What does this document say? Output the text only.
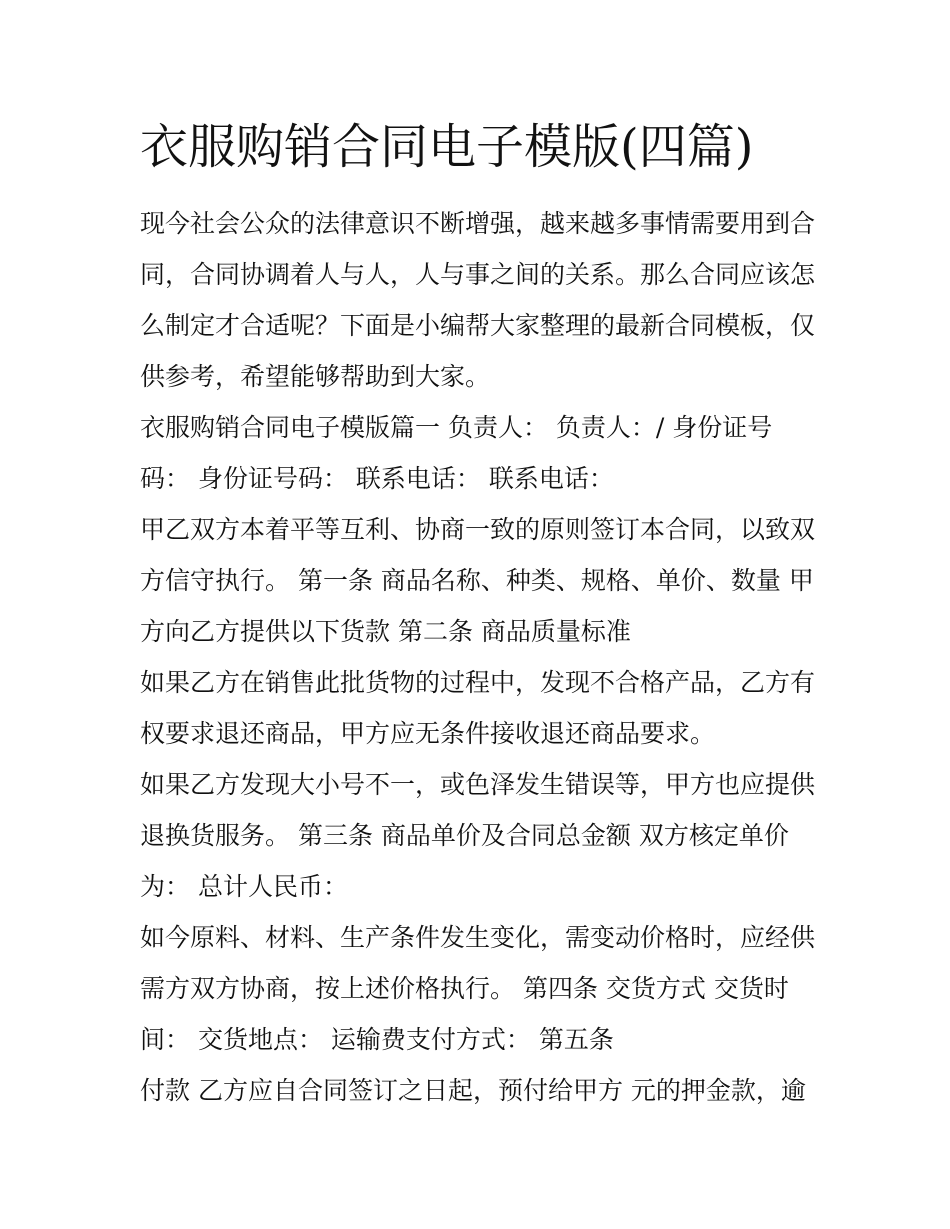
衣服购销合同电子模版(四篇)
现今社会公众的法律意识不断增强，越来越多事情需要用到合
同，合同协调着人与人，人与事之间的关系。那么合同应该怎
么制定才合适呢？下面是小编帮大家整理的最新合同模板，仅
供参考，希望能够帮助到大家。
衣服购销合同电子模版篇一 负责人： 负责人：/ 身份证号
码： 身份证号码： 联系电话： 联系电话：
甲乙双方本着平等互利、协商一致的原则签订本合同，以致双
方信守执行。 第一条 商品名称、种类、规格、单价、数量 甲
方向乙方提供以下货款 第二条 商品质量标准
如果乙方在销售此批货物的过程中，发现不合格产品，乙方有
权要求退还商品，甲方应无条件接收退还商品要求。
如果乙方发现大小号不一，或色泽发生错误等，甲方也应提供
退换货服务。 第三条 商品单价及合同总金额 双方核定单价
为： 总计人民币：
如今原料、材料、生产条件发生变化，需变动价格时，应经供
需方双方协商，按上述价格执行。 第四条 交货方式 交货时
间： 交货地点： 运输费支付方式： 第五条
付款 乙方应自合同签订之日起，预付给甲方 元的押金款，逾
